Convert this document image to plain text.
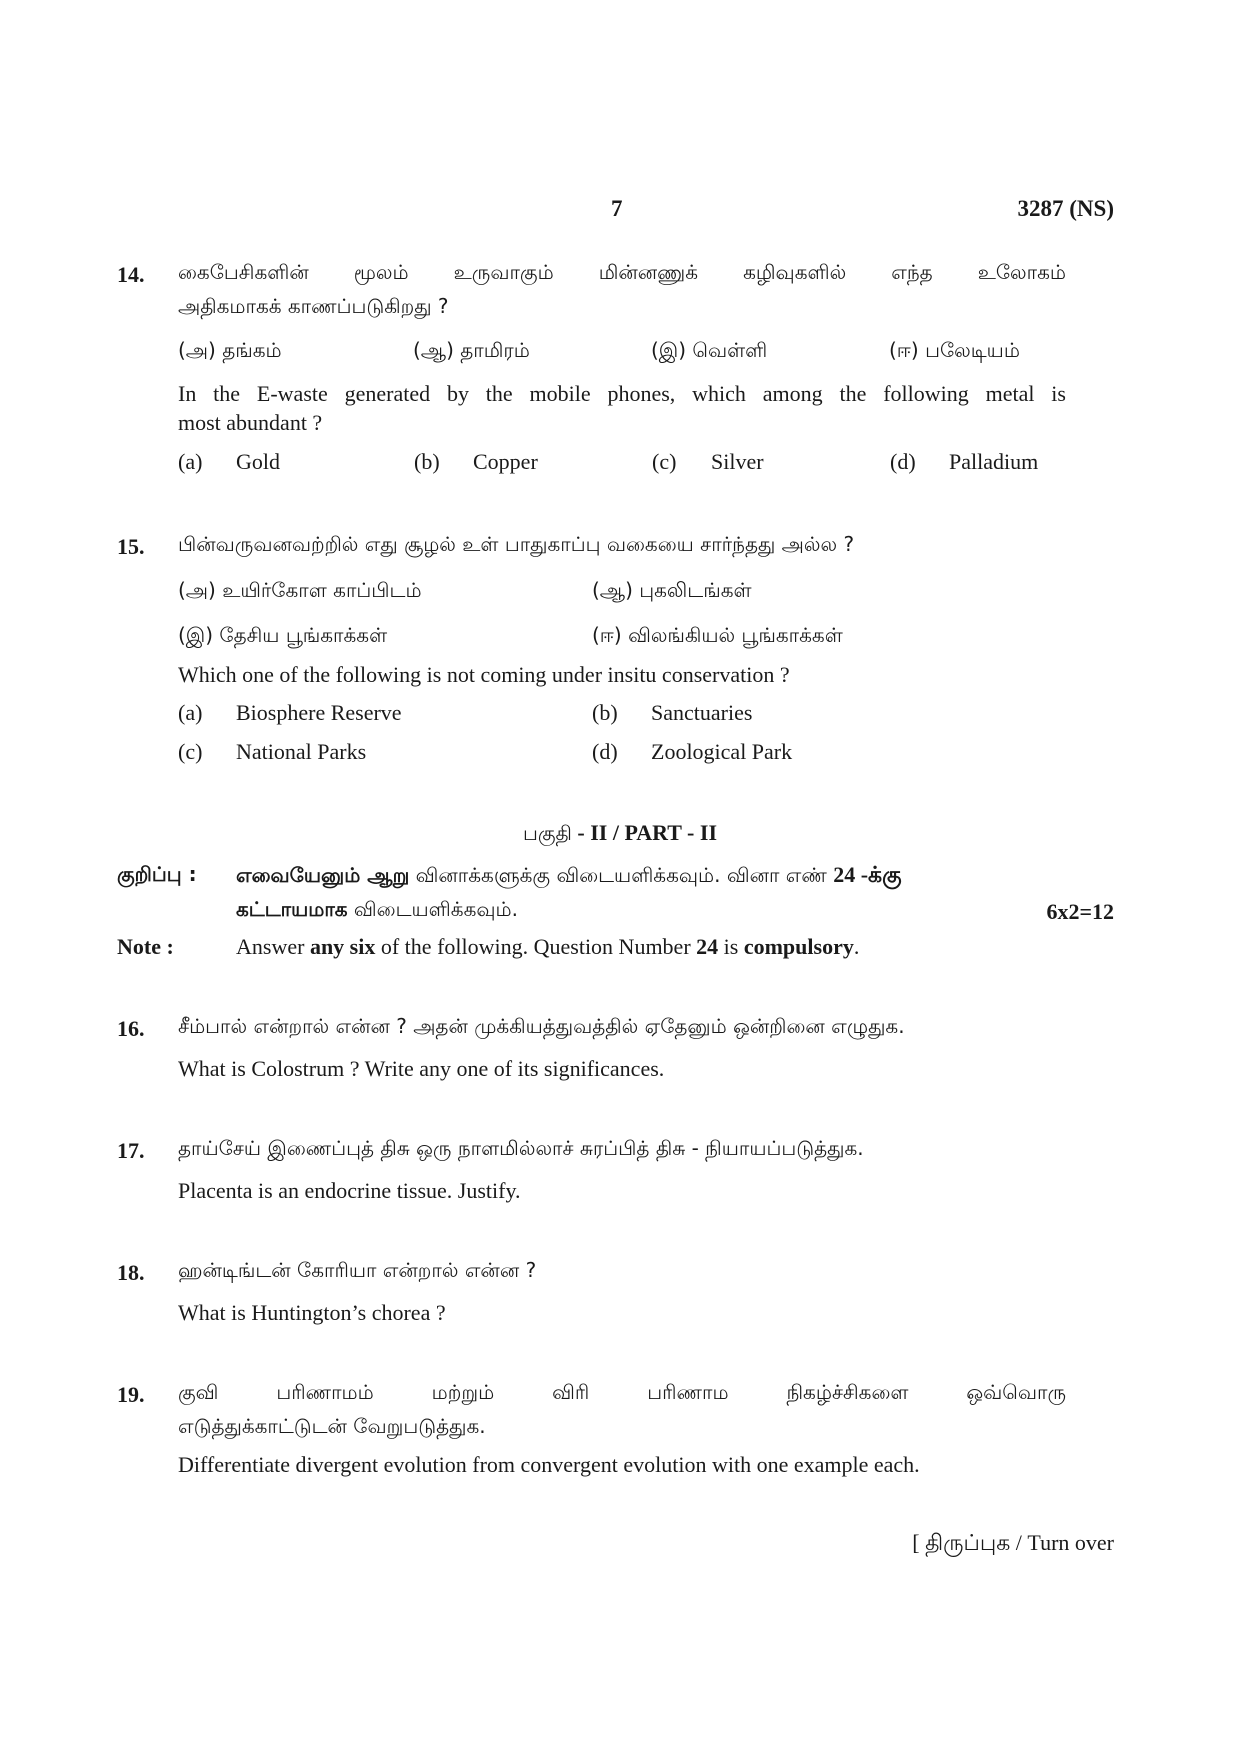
7	3287 (NS)
14. கைபேசிகளின் மூலம் உருவாகும் மின்னணுக் கழிவுகளில் எந்த உலோகம்
அதிகமாகக் காணப்படுகிறது ?
(அ) தங்கம்	(ஆ) தாமிரம்	(இ) வெள்ளி	(ஈ) பலேடியம்
In the E-waste generated by the mobile phones, which among the following metal is
most abundant ?
(a) Gold	(b) Copper	(c) Silver	(d) Palladium
15. பின்வருவனவற்றில் எது சூழல் உள் பாதுகாப்பு வகையை சார்ந்தது அல்ல ?
(அ) உயிர்கோள காப்பிடம்	(ஆ) புகலிடங்கள்
(இ) தேசிய பூங்காக்கள்	(ஈ) விலங்கியல் பூங்காக்கள்
Which one of the following is not coming under insitu conservation ?
(a) Biosphere Reserve	(b) Sanctuaries
(c) National Parks	(d) Zoological Park
பகுதி - II / PART - II
குறிப்பு : எவையேனும் ஆறு வினாக்களுக்கு விடையளிக்கவும். வினா எண் 24 -க்கு
கட்டாயமாக விடையளிக்கவும்.	6x2=12
Note :	Answer any six of the following. Question Number 24 is compulsory.
16. சீம்பால் என்றால் என்ன ? அதன் முக்கியத்துவத்தில் ஏதேனும் ஒன்றினை எழுதுக.
What is Colostrum ? Write any one of its significances.
17. தாய்சேய் இணைப்புத் திசு ஒரு நாளமில்லாச் சுரப்பித் திசு - நியாயப்படுத்துக.
Placenta is an endocrine tissue. Justify.
18. ஹன்டிங்டன் கோரியா என்றால் என்ன ?
What is Huntington’s chorea ?
19. குவி பரிணாமம் மற்றும் விரி பரிணாம நிகழ்ச்சிகளை ஒவ்வொரு
எடுத்துக்காட்டுடன் வேறுபடுத்துக.
Differentiate divergent evolution from convergent evolution with one example each.
[ திருப்புக / Turn over
